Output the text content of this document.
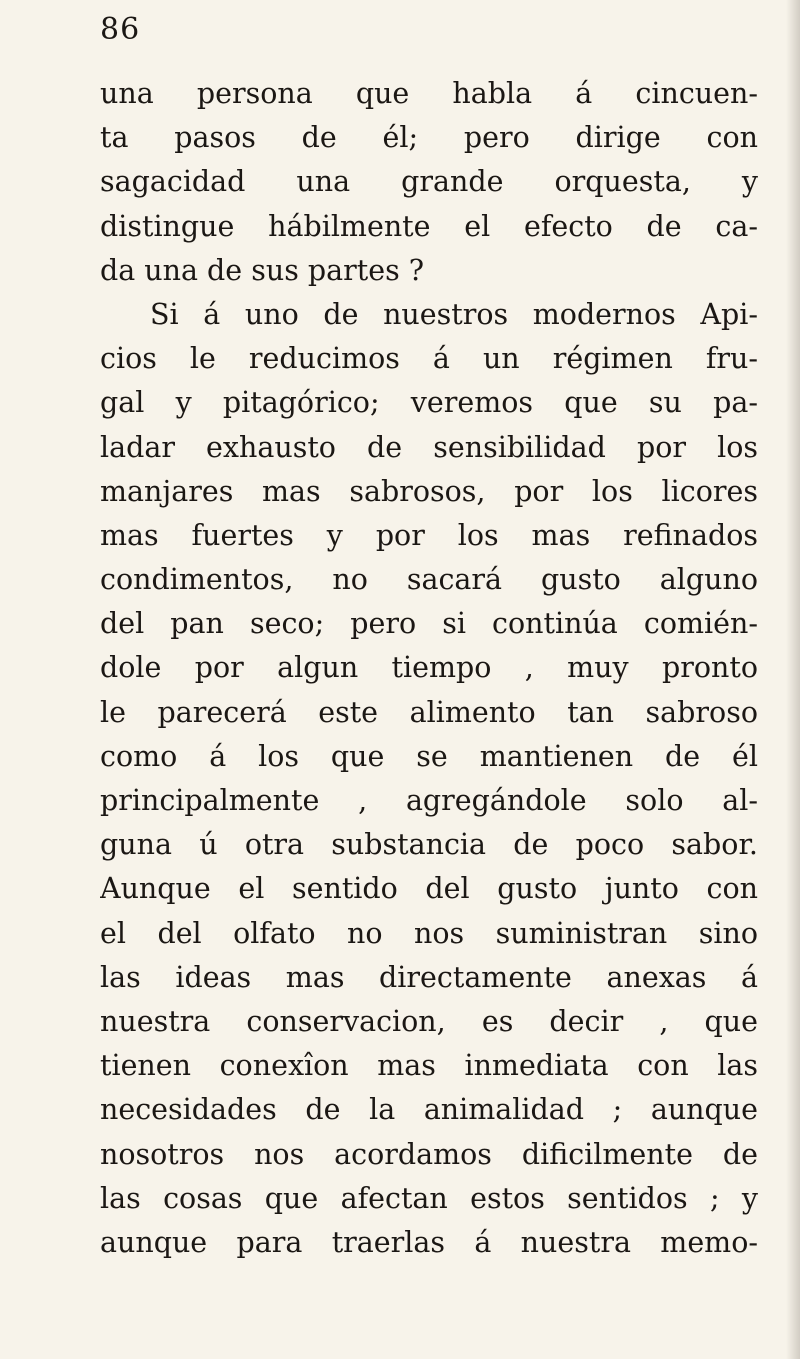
86
una persona que habla á cincuen-
ta pasos de él; pero dirige con
sagacidad una grande orquesta, y
distingue hábilmente el efecto de ca-
da una de sus partes ?
Si á uno de nuestros modernos Api-
cios le reducimos á un régimen fru-
gal y pitagórico; veremos que su pa-
ladar exhausto de sensibilidad por los
manjares mas sabrosos, por los licores
mas fuertes y por los mas refinados
condimentos, no sacará gusto alguno
del pan seco; pero si continúa comién-
dole por algun tiempo , muy pronto
le parecerá este alimento tan sabroso
como á los que se mantienen de él
principalmente , agregándole solo al-
guna ú otra substancia de poco sabor.
Aunque el sentido del gusto junto con
el del olfato no nos suministran sino
las ideas mas directamente anexas á
nuestra conservacion, es decir , que
tienen conexîon mas inmediata con las
necesidades de la animalidad ; aunque
nosotros nos acordamos dificilmente de
las cosas que afectan estos sentidos ; y
aunque para traerlas á nuestra memo-
